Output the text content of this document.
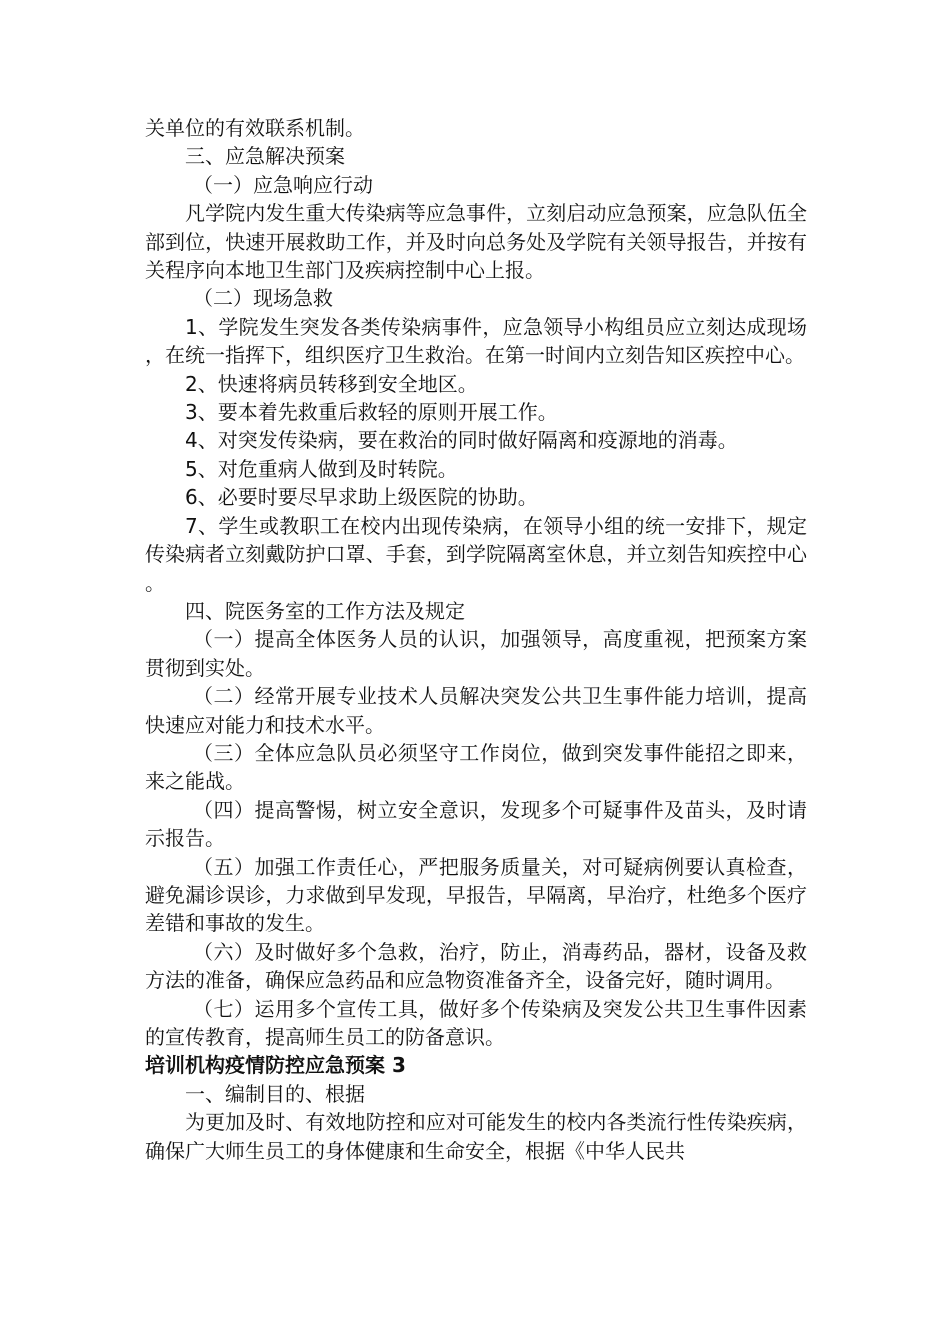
关单位的有效联系机制。

三、应急解决预案

（一）应急响应行动

凡学院内发生重大传染病等应急事件，立刻启动应急预案，应急队伍全部到位，快速开展救助工作，并及时向总务处及学院有关领导报告，并按有关程序向本地卫生部门及疾病控制中心上报。

（二）现场急救

1、学院发生突发各类传染病事件，应急领导小构组员应立刻达成现场，在统一指挥下，组织医疗卫生救治。在第一时间内立刻告知区疾控中心。

2、快速将病员转移到安全地区。

3、要本着先救重后救轻的原则开展工作。

4、对突发传染病，要在救治的同时做好隔离和疫源地的消毒。

5、对危重病人做到及时转院。

6、必要时要尽早求助上级医院的协助。

7、学生或教职工在校内出现传染病，在领导小组的统一安排下，规定传染病者立刻戴防护口罩、手套，到学院隔离室休息，并立刻告知疾控中心。

四、院医务室的工作方法及规定

（一）提高全体医务人员的认识，加强领导，高度重视，把预案方案贯彻到实处。

（二）经常开展专业技术人员解决突发公共卫生事件能力培训，提高快速应对能力和技术水平。

（三）全体应急队员必须坚守工作岗位，做到突发事件能招之即来，来之能战。

（四）提高警惕，树立安全意识，发现多个可疑事件及苗头，及时请示报告。

（五）加强工作责任心，严把服务质量关，对可疑病例要认真检查，避免漏诊误诊，力求做到早发现，早报告，早隔离，早治疗，杜绝多个医疗差错和事故的发生。

（六）及时做好多个急救，治疗，防止，消毒药品，器材，设备及救方法的准备，确保应急药品和应急物资准备齐全，设备完好，随时调用。

（七）运用多个宣传工具，做好多个传染病及突发公共卫生事件因素的宣传教育，提高师生员工的防备意识。

培训机构疫情防控应急预案 3

一、编制目的、根据

为更加及时、有效地防控和应对可能发生的校内各类流行性传染疾病，确保广大师生员工的身体健康和生命安全，根据《中华人民共
